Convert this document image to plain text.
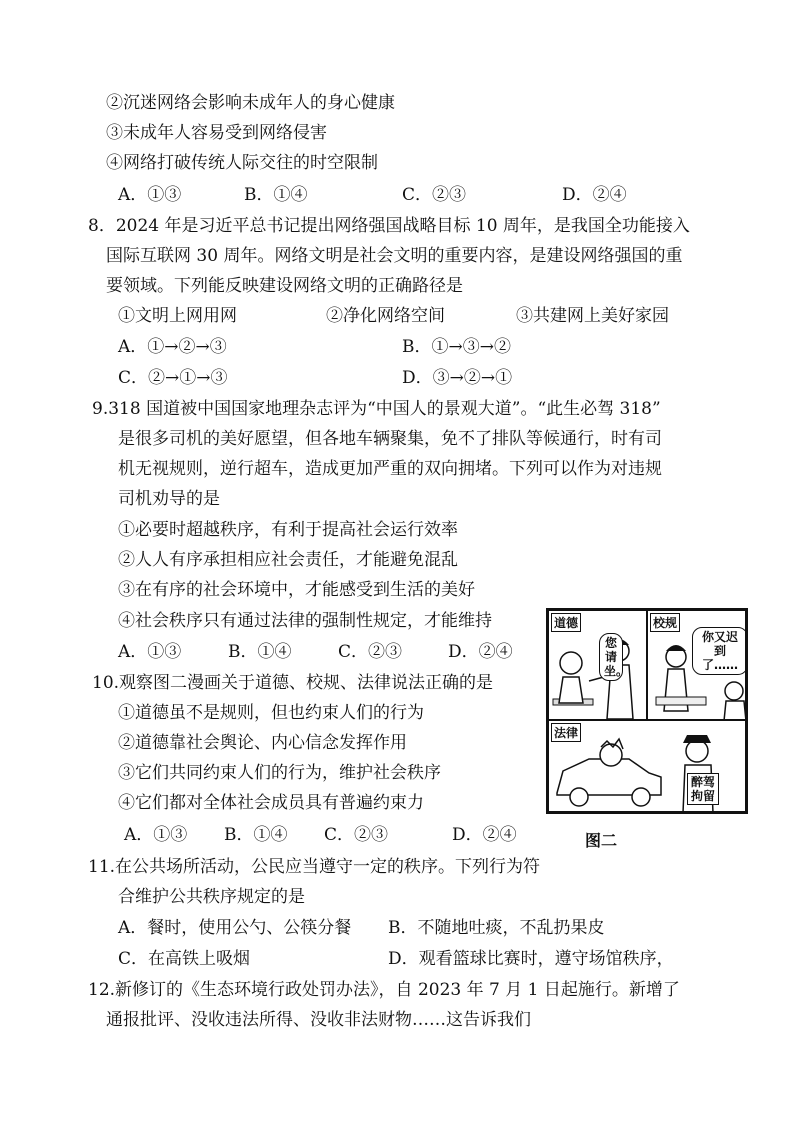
②沉迷网络会影响未成年人的身心健康
③未成年人容易受到网络侵害
④网络打破传统人际交往的时空限制
A．①③	B．①④	C．②③	D．②④
8．2024 年是习近平总书记提出网络强国战略目标 10 周年，是我国全功能接入
国际互联网 30 周年。网络文明是社会文明的重要内容，是建设网络强国的重
要领域。下列能反映建设网络文明的正确路径是
①文明上网用网	②净化网络空间	③共建网上美好家园
A．①→②→③	B．①→③→②
C．②→①→③	D．③→②→①
9.318 国道被中国国家地理杂志评为“中国人的景观大道”。“此生必驾 318”
是很多司机的美好愿望，但各地车辆聚集，免不了排队等候通行，时有司
机无视规则，逆行超车，造成更加严重的双向拥堵。下列可以作为对违规
司机劝导的是
①必要时超越秩序，有利于提高社会运行效率
②人人有序承担相应社会责任，才能避免混乱
③在有序的社会环境中，才能感受到生活的美好
④社会秩序只有通过法律的强制性规定，才能维持
A．①③	B．①④	C．②③	D．②④
10.观察图二漫画关于道德、校规、法律说法正确的是
①道德虽不是规则，但也约束人们的行为
②道德靠社会舆论、内心信念发挥作用
③它们共同约束人们的行为，维护社会秩序
④它们都对全体社会成员具有普遍约束力
A．①③ B．①④ C．②③	D．②④
道德
您请坐。
校规
你又迟到了……
法律
醉驾拘留
图二
11.在公共场所活动，公民应当遵守一定的秩序。下列行为符
合维护公共秩序规定的是
A．餐时，使用公勺、公筷分餐 B．不随地吐痰，不乱扔果皮
C．在高铁上吸烟	D．观看篮球比赛时，遵守场馆秩序，
12.新修订的《生态环境行政处罚办法》，自 2023 年 7 月 1 日起施行。新增了
通报批评、没收违法所得、没收非法财物……这告诉我们
